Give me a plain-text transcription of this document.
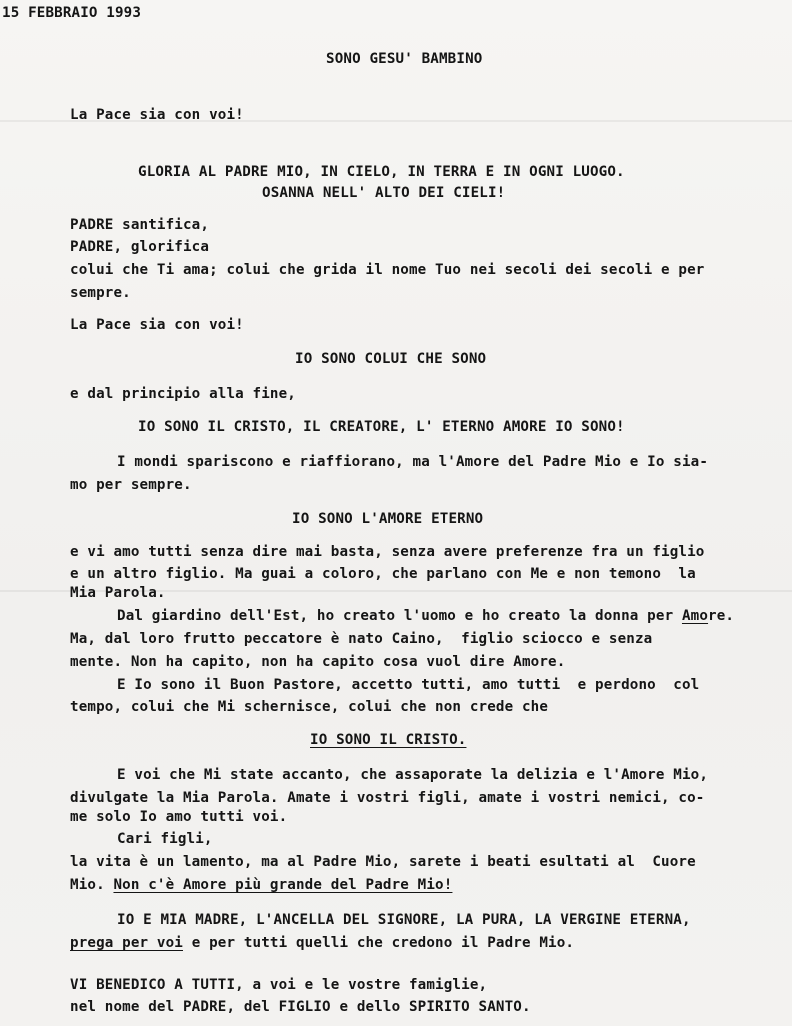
15 FEBBRAIO 1993

SONO GESU' BAMBINO

La Pace sia con voi!

GLORIA AL PADRE MIO, IN CIELO, IN TERRA E IN OGNI LUOGO.

OSANNA NELL' ALTO DEI CIELI!

PADRE santifica,

PADRE, glorifica

colui che Ti ama; colui che grida il nome Tuo nei secoli dei secoli e per

sempre.

La Pace sia con voi!

IO SONO COLUI CHE SONO

e dal principio alla fine,

IO SONO IL CRISTO, IL CREATORE, L' ETERNO AMORE IO SONO!

I mondi spariscono e riaffiorano, ma l'Amore del Padre Mio e Io sia-

mo per sempre.

IO SONO L'AMORE ETERNO

e vi amo tutti senza dire mai basta, senza avere preferenze fra un figlio

e un altro figlio. Ma guai a coloro, che parlano con Me e non temono  la

Mia Parola.

Dal giardino dell'Est, ho creato l'uomo e ho creato la donna per Amore.

Ma, dal loro frutto peccatore è nato Caino,  figlio sciocco e senza

mente. Non ha capito, non ha capito cosa vuol dire Amore.

E Io sono il Buon Pastore, accetto tutti, amo tutti  e perdono  col

tempo, colui che Mi schernisce, colui che non crede che

IO SONO IL CRISTO.

E voi che Mi state accanto, che assaporate la delizia e l'Amore Mio,

divulgate la Mia Parola. Amate i vostri figli, amate i vostri nemici, co-

me solo Io amo tutti voi.

Cari figli,

la vita è un lamento, ma al Padre Mio, sarete i beati esultati al  Cuore

Mio. Non c'è Amore più grande del Padre Mio!

IO E MIA MADRE, L'ANCELLA DEL SIGNORE, LA PURA, LA VERGINE ETERNA,

prega per voi e per tutti quelli che credono il Padre Mio.

VI BENEDICO A TUTTI, a voi e le vostre famiglie,

nel nome del PADRE, del FIGLIO e dello SPIRITO SANTO.
